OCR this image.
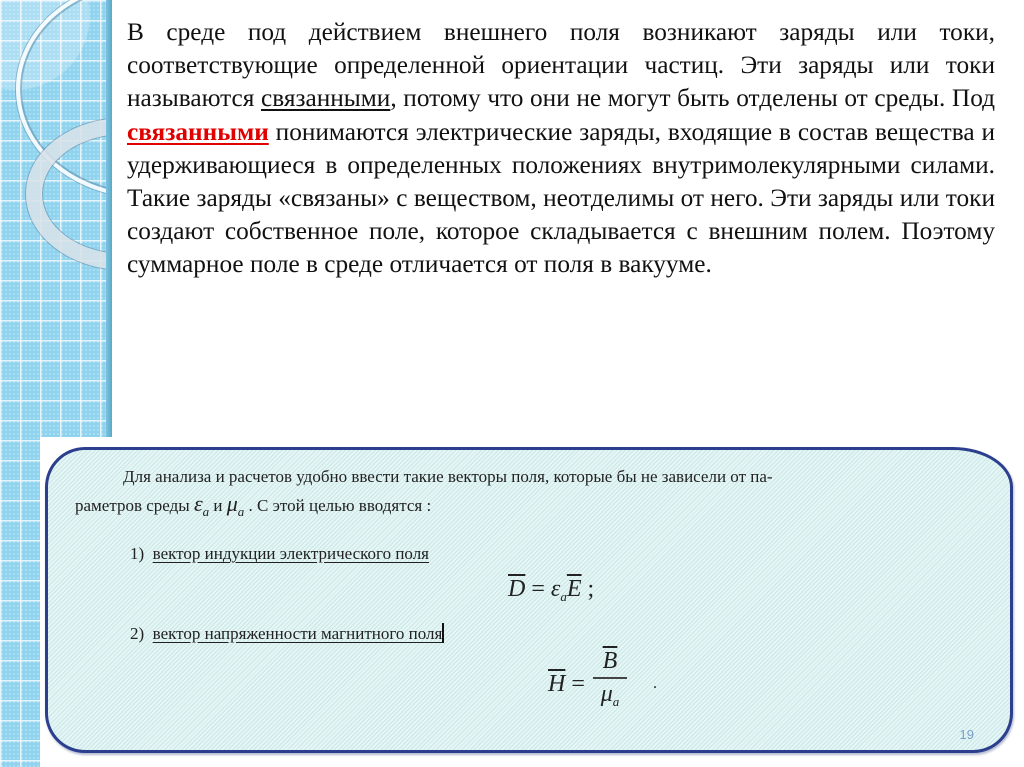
В среде под действием внешнего поля возникают заряды или токи, соответствующие определенной ориентации частиц. Эти заряды или токи называются связанными, потому что они не могут быть отделены от среды. Под связанными понимаются электрические заряды, входящие в состав вещества и удерживающиеся в определенных положениях внутримолекулярными силами. Такие заряды «связаны» с веществом, неотделимы от него. Эти заряды или токи создают собственное поле, которое складывается с внешним полем. Поэтому суммарное поле в среде отличается от поля в вакууме.
Для анализа и расчетов удобно ввести такие векторы поля, которые бы не зависели от па-
раметров среды $\varepsilon_a$ и $\mu_a$ . С этой целью вводятся :
1) вектор индукции электрического поля
$\overline{D} = \varepsilon_a\overline{E}$ ;
2) вектор напряженности магнитного поля
$\overline{H}$ =
$\overline{B}$
$\mu_a$
.
19
